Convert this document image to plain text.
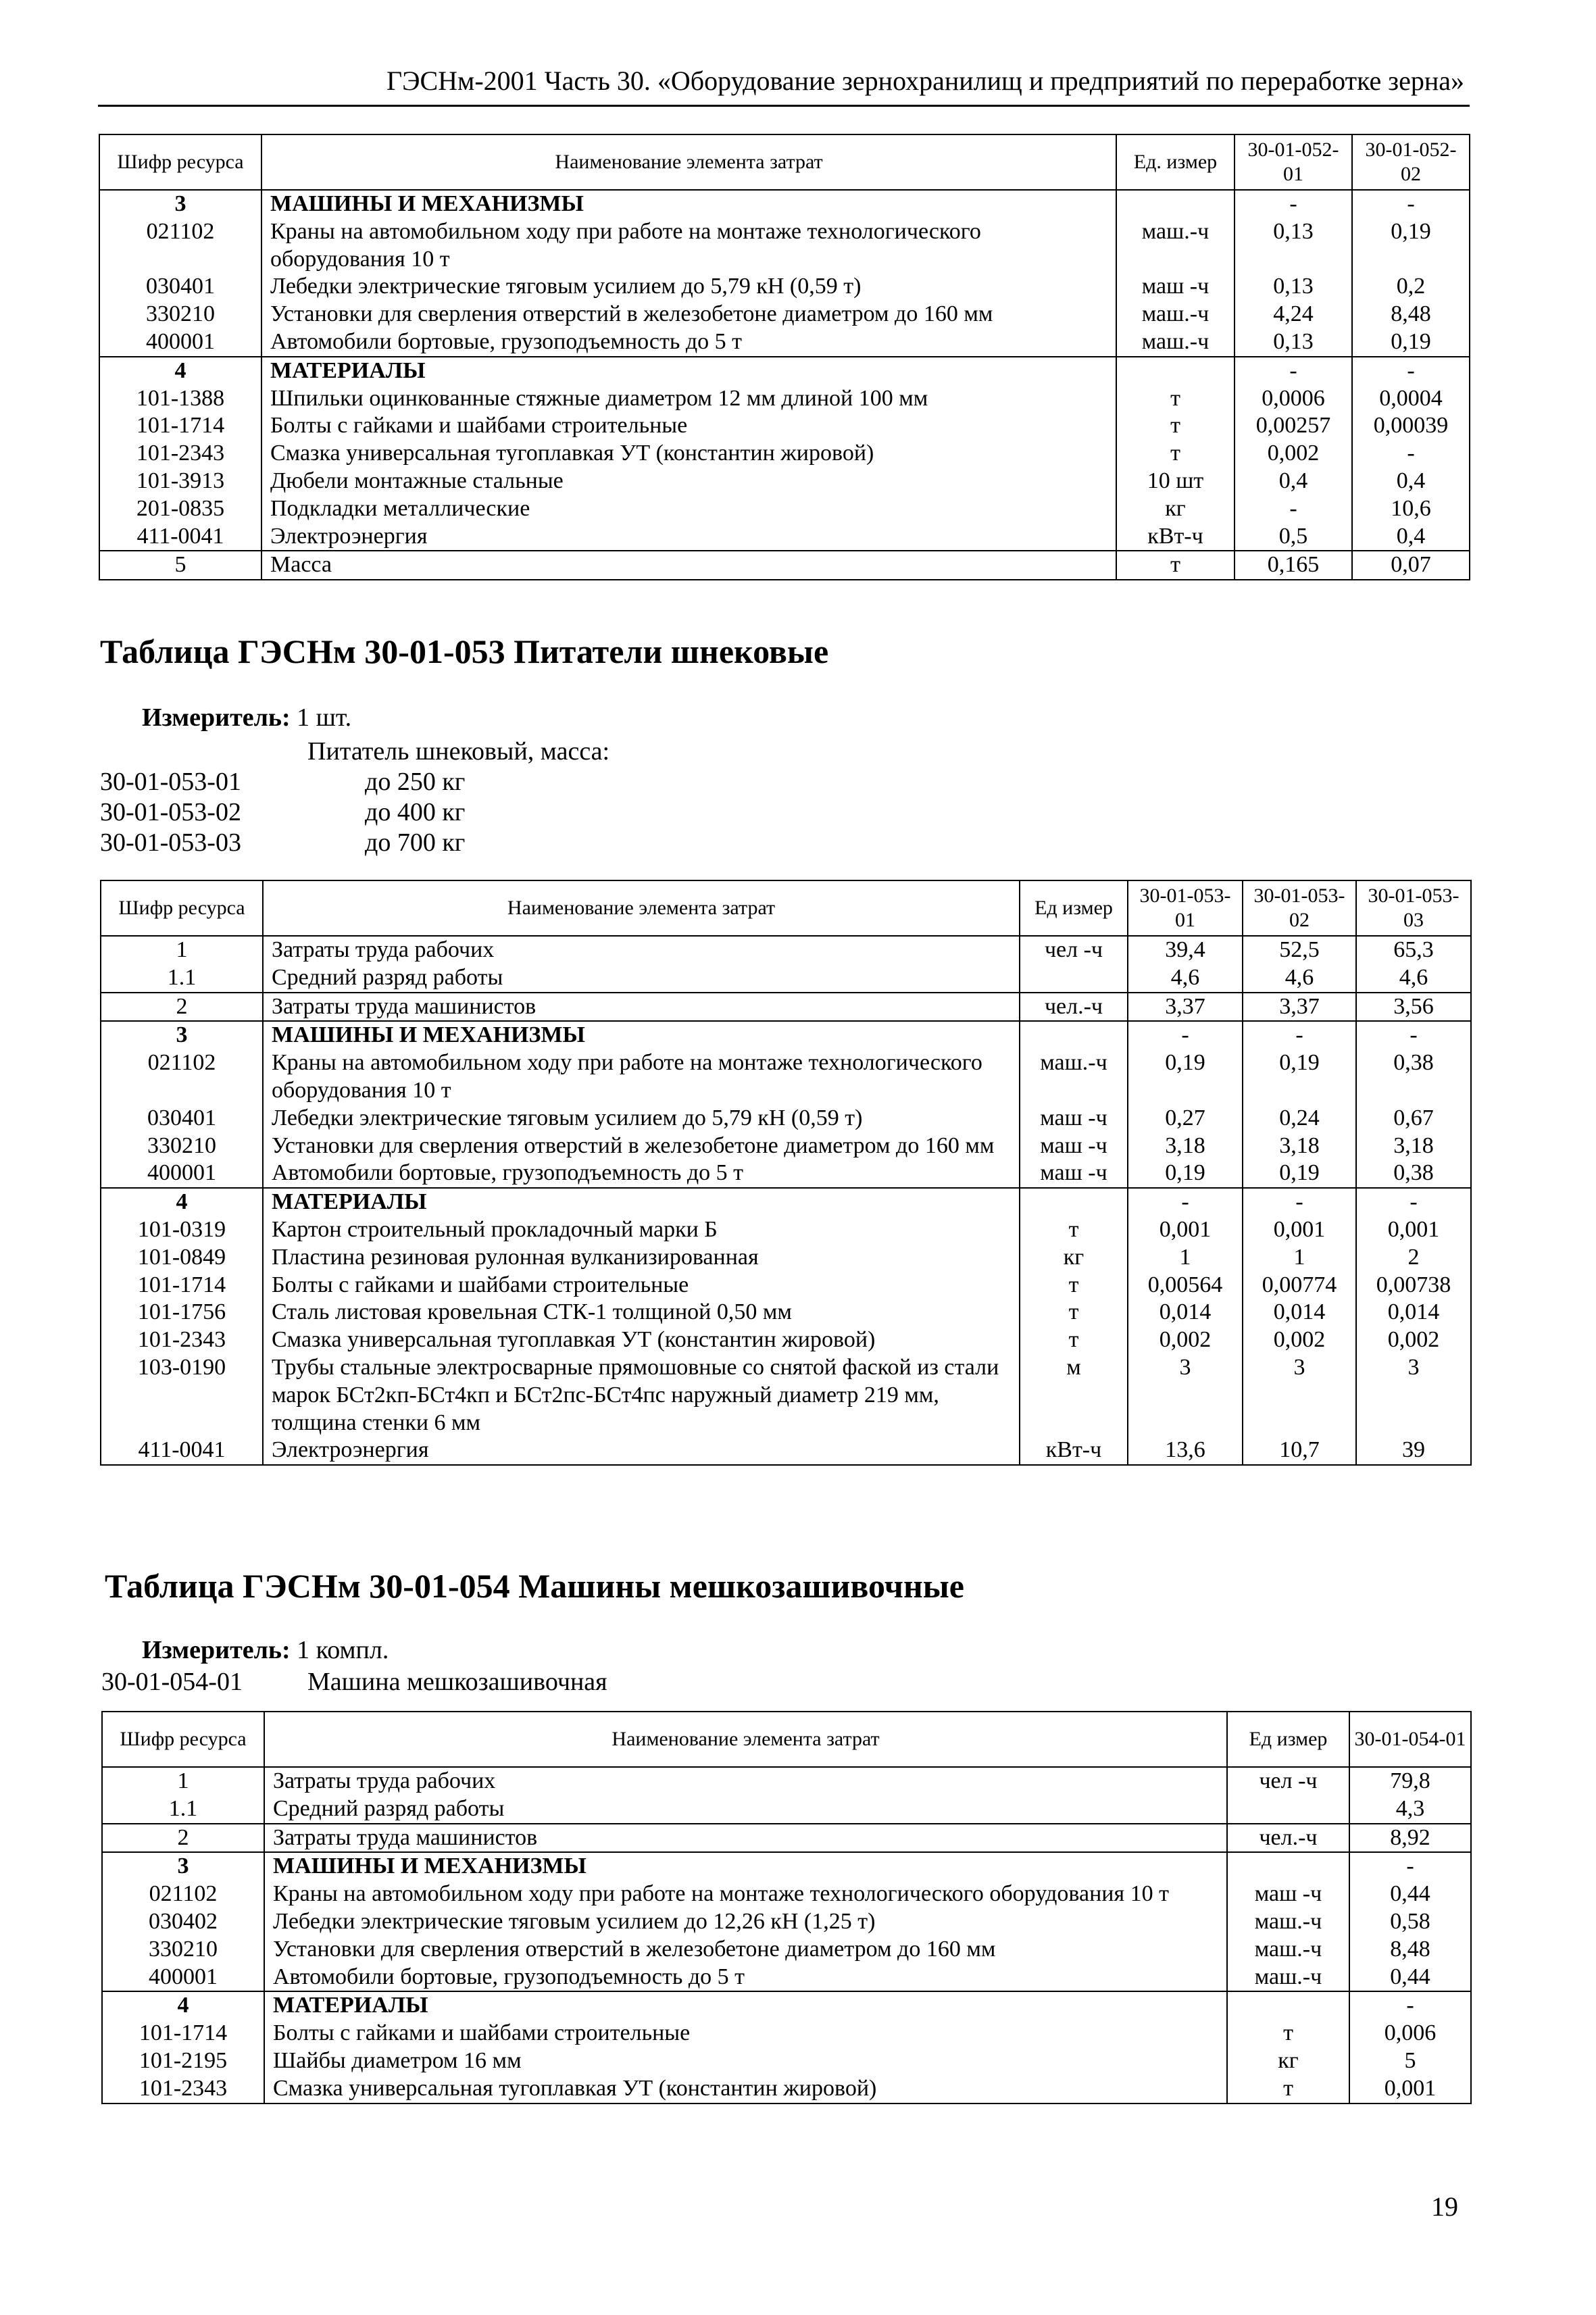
ГЭСНм-2001 Часть 30. «Оборудование зернохранилищ и предприятий по переработке зерна»
Шифр ресурса	Наименование элемента затрат	Ед. измер	30-01-052-01	30-01-052-02
3	МАШИНЫ И МЕХАНИЗМЫ		-	-
021102	Краны на автомобильном ходу при работе на монтаже технологического оборудования 10 т	маш.-ч	0,13	0,19
030401	Лебедки электрические тяговым усилием до 5,79 кН (0,59 т)	маш -ч	0,13	0,2
330210	Установки для сверления отверстий в железобетоне диаметром до 160 мм	маш.-ч	4,24	8,48
400001	Автомобили бортовые, грузоподъемность до 5 т	маш.-ч	0,13	0,19
4	МАТЕРИАЛЫ		-	-
101-1388	Шпильки оцинкованные стяжные диаметром 12 мм длиной 100 мм	т	0,0006	0,0004
101-1714	Болты с гайками и шайбами строительные	т	0,00257	0,00039
101-2343	Смазка универсальная тугоплавкая УТ (константин жировой)	т	0,002	-
101-3913	Дюбели монтажные стальные	10 шт	0,4	0,4
201-0835	Подкладки металлические	кг	-	10,6
411-0041	Электроэнергия	кВт-ч	0,5	0,4
5	Масса	т	0,165	0,07
Таблица ГЭСНм 30-01-053 Питатели шнековые
Измеритель: 1 шт.
Питатель шнековый, масса:
30-01-053-01	до 250 кг
30-01-053-02	до 400 кг
30-01-053-03	до 700 кг
Шифр ресурса	Наименование элемента затрат	Ед измер	30-01-053-01	30-01-053-02	30-01-053-03
1	Затраты труда рабочих	чел -ч	39,4	52,5	65,3
1.1	Средний разряд работы		4,6	4,6	4,6
2	Затраты труда машинистов	чел.-ч	3,37	3,37	3,56
3	МАШИНЫ И МЕХАНИЗМЫ		-	-	-
021102	Краны на автомобильном ходу при работе на монтаже технологического оборудования 10 т	маш.-ч	0,19	0,19	0,38
030401	Лебедки электрические тяговым усилием до 5,79 кН (0,59 т)	маш -ч	0,27	0,24	0,67
330210	Установки для сверления отверстий в железобетоне диаметром до 160 мм	маш -ч	3,18	3,18	3,18
400001	Автомобили бортовые, грузоподъемность до 5 т	маш -ч	0,19	0,19	0,38
4	МАТЕРИАЛЫ		-	-	-
101-0319	Картон строительный прокладочный марки Б	т	0,001	0,001	0,001
101-0849	Пластина резиновая рулонная вулканизированная	кг	1	1	2
101-1714	Болты с гайками и шайбами строительные	т	0,00564	0,00774	0,00738
101-1756	Сталь листовая кровельная СТК-1 толщиной 0,50 мм	т	0,014	0,014	0,014
101-2343	Смазка универсальная тугоплавкая УТ (константин жировой)	т	0,002	0,002	0,002
103-0190	Трубы стальные электросварные прямошовные со снятой фаской из стали марок БСт2кп-БСт4кп и БСт2пс-БСт4пс наружный диаметр 219 мм, толщина стенки 6 мм	м	3	3	3
411-0041	Электроэнергия	кВт-ч	13,6	10,7	39
Таблица ГЭСНм 30-01-054 Машины мешкозашивочные
Измеритель: 1 компл.
30-01-054-01	Машина мешкозашивочная
Шифр ресурса	Наименование элемента затрат	Ед измер	30-01-054-01
1	Затраты труда рабочих	чел -ч	79,8
1.1	Средний разряд работы		4,3
2	Затраты труда машинистов	чел.-ч	8,92
3	МАШИНЫ И МЕХАНИЗМЫ		-
021102	Краны на автомобильном ходу при работе на монтаже технологического оборудования 10 т	маш -ч	0,44
030402	Лебедки электрические тяговым усилием до 12,26 кН (1,25 т)	маш.-ч	0,58
330210	Установки для сверления отверстий в железобетоне диаметром до 160 мм	маш.-ч	8,48
400001	Автомобили бортовые, грузоподъемность до 5 т	маш.-ч	0,44
4	МАТЕРИАЛЫ		-
101-1714	Болты с гайками и шайбами строительные	т	0,006
101-2195	Шайбы диаметром 16 мм	кг	5
101-2343	Смазка универсальная тугоплавкая УТ (константин жировой)	т	0,001
19
